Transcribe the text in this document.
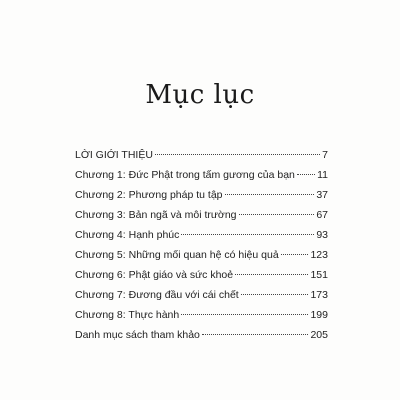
Mục lục
LỜI GIỚI THIỆU	7
Chương 1: Đức Phật trong tấm gương của bạn 11
Chương 2: Phương pháp tu tập	37
Chương 3: Bản ngã và môi trường	67
Chương 4: Hạnh phúc	93
Chương 5: Những mối quan hệ có hiệu quả	123
Chương 6: Phật giáo và sức khoẻ	151
Chương 7: Đương đầu với cái chết	173
Chương 8: Thực hành	199
Danh mục sách tham khảo	205
